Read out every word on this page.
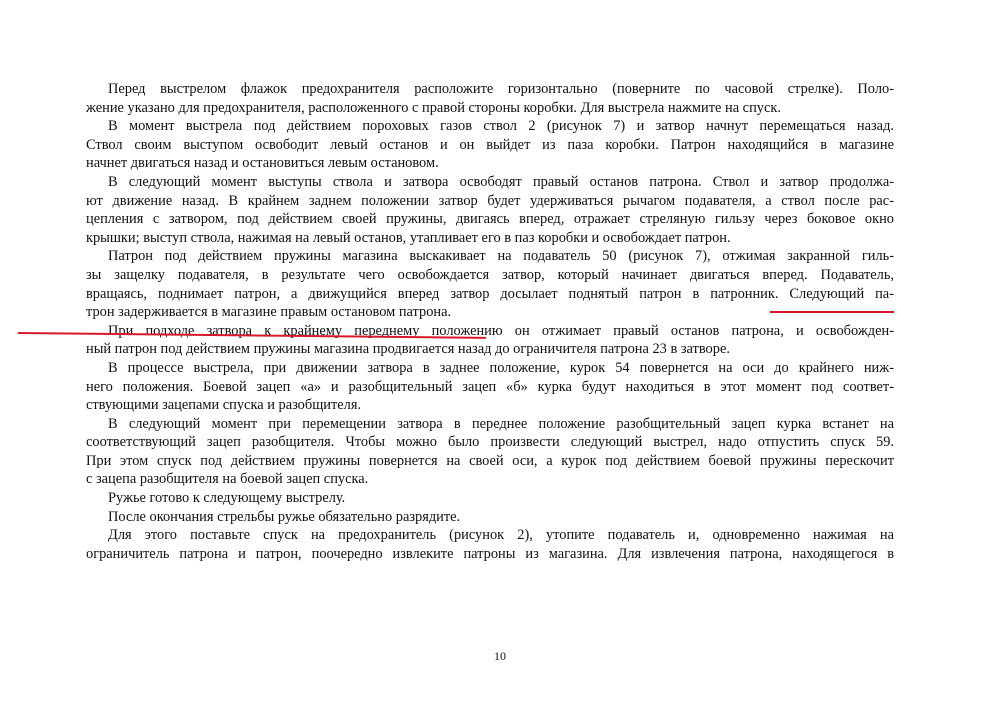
Перед выстрелом флажок предохранителя расположите горизонтально (поверните по часовой стрелке). Поло-
жение указано для предохранителя, расположенного с правой стороны коробки. Для выстрела нажмите на спуск.
В момент выстрела под действием пороховых газов ствол 2 (рисунок 7) и затвор начнут перемещаться назад.
Ствол своим выступом освободит левый останов и он выйдет из паза коробки. Патрон находящийся в магазине
начнет двигаться назад и остановиться левым остановом.
В следующий момент выступы ствола и затвора освободят правый останов патрона. Ствол и затвор продолжа-
ют движение назад. В крайнем заднем положении затвор будет удерживаться рычагом подавателя, а ствол после рас-
цепления с затвором, под действием своей пружины, двигаясь вперед, отражает стреляную гильзу через боковое окно
крышки; выступ ствола, нажимая на левый останов, утапливает его в паз коробки и освобождает патрон.
Патрон под действием пружины магазина выскакивает на подаватель 50 (рисунок 7), отжимая закранной гиль-
зы защелку подавателя, в результате чего освобождается затвор, который начинает двигаться вперед. Подаватель,
вращаясь, поднимает патрон, а движущийся вперед затвор досылает поднятый патрон в патронник. Следующий па-
трон задерживается в магазине правым остановом патрона.
При подходе затвора к крайнему переднему положению он отжимает правый останов патрона, и освобожден-
ный патрон под действием пружины магазина продвигается назад до ограничителя патрона 23 в затворе.
В процессе выстрела, при движении затвора в заднее положение, курок 54 повернется на оси до крайнего ниж-
него положения. Боевой зацеп «а» и разобщительный зацеп «б» курка будут находиться в этот момент под соответ-
ствующими зацепами спуска и разобщителя.
В следующий момент при перемещении затвора в переднее положение разобщительный зацеп курка встанет на
соответствующий зацеп разобщителя. Чтобы можно было произвести следующий выстрел, надо отпустить спуск 59.
При этом спуск под действием пружины повернется на своей оси, а курок под действием боевой пружины перескочит
с зацепа разобщителя на боевой зацеп спуска.
Ружье готово к следующему выстрелу.
После окончания стрельбы ружье обязательно разрядите.
Для этого поставьте спуск на предохранитель (рисунок 2), утопите подаватель и, одновременно нажимая на
ограничитель патрона и патрон, поочередно извлеките патроны из магазина. Для извлечения патрона, находящегося в
10
